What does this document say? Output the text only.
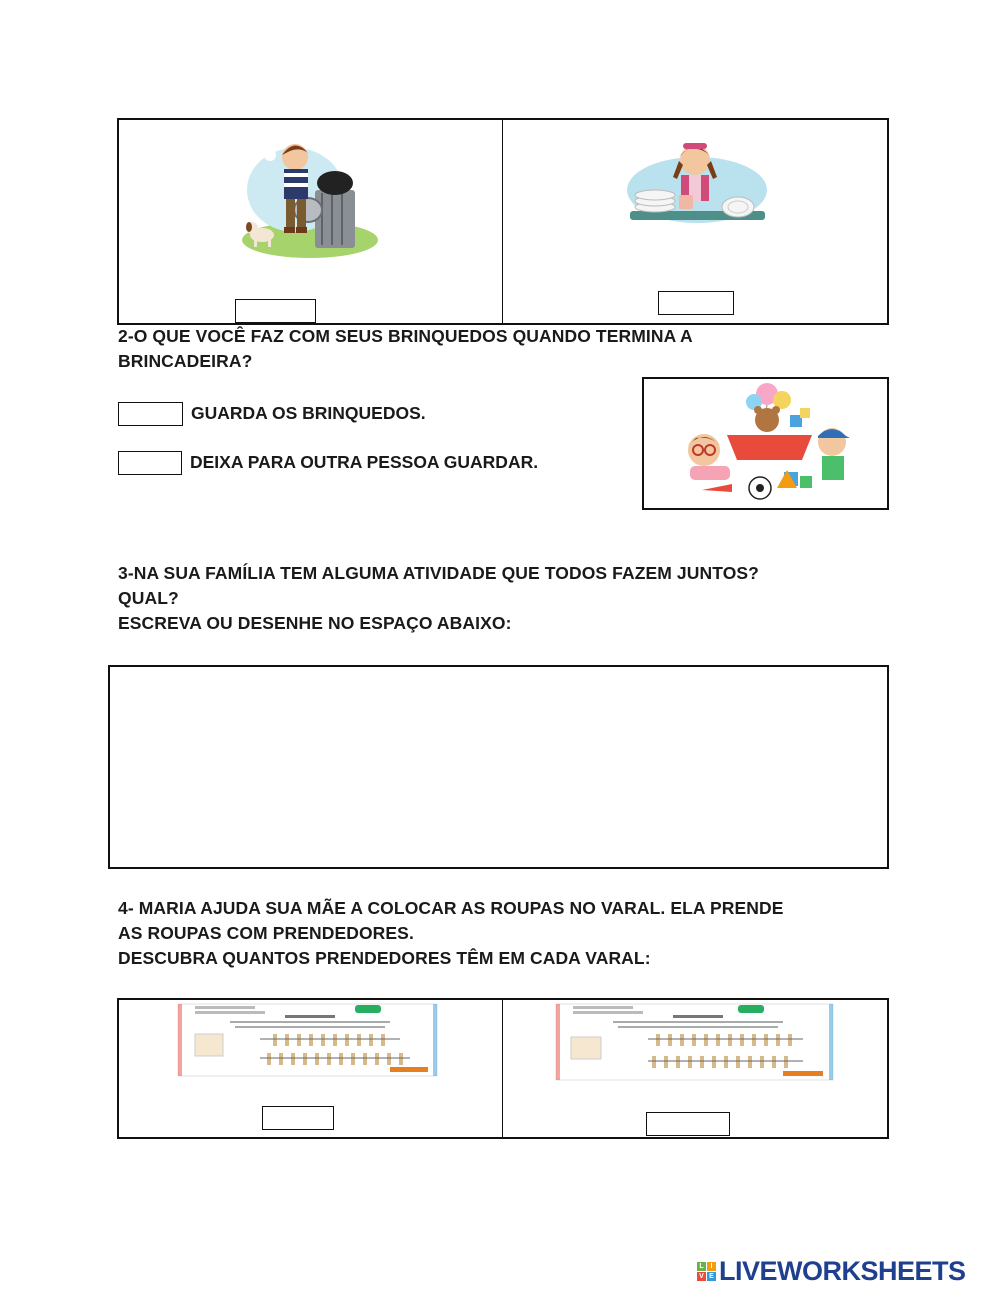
2-O QUE VOCÊ FAZ COM SEUS BRINQUEDOS QUANDO TERMINA A
BRINCADEIRA?
GUARDA OS BRINQUEDOS.
DEIXA PARA OUTRA PESSOA GUARDAR.
3-NA SUA FAMÍLIA TEM ALGUMA ATIVIDADE QUE TODOS FAZEM JUNTOS?
QUAL?
ESCREVA OU DESENHE NO ESPAÇO ABAIXO:
4- MARIA AJUDA SUA MÃE A COLOCAR AS ROUPAS NO VARAL. ELA PRENDE
AS ROUPAS COM PRENDEDORES.
DESCUBRA QUANTOS PRENDEDORES TÊM EM CADA VARAL:
L I
V E LIVEWORKSHEETS
